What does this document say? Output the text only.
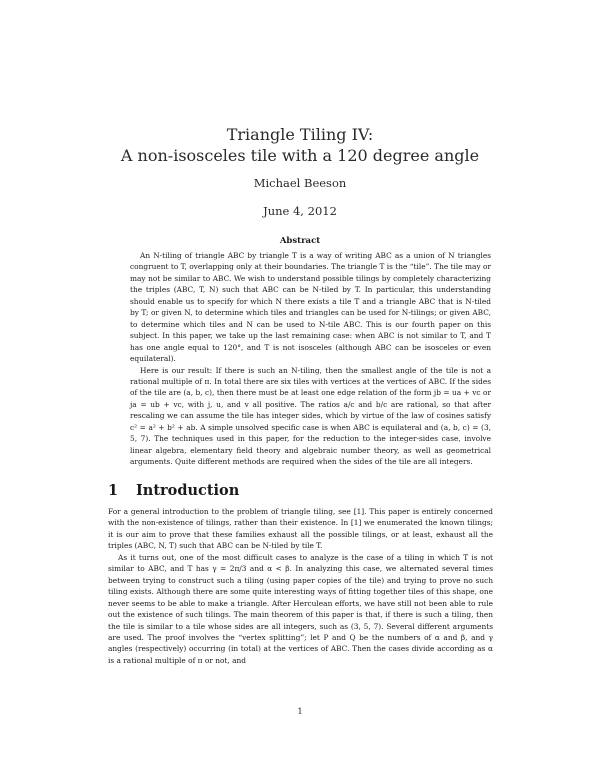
Triangle Tiling IV:
A non-isosceles tile with a 120 degree angle
Michael Beeson
June 4, 2012
Abstract

An N-tiling of triangle ABC by triangle T is a way of writing ABC as a union of N triangles congruent to T, overlapping only at their boundaries. The triangle T is the “tile”. The tile may or may not be similar to ABC. We wish to understand possible tilings by completely characterizing the triples (ABC, T, N) such that ABC can be N-tiled by T. In particular, this understanding should enable us to specify for which N there exists a tile T and a triangle ABC that is N-tiled by T; or given N, to determine which tiles and triangles can be used for N-tilings; or given ABC, to determine which tiles and N can be used to N-tile ABC. This is our fourth paper on this subject. In this paper, we take up the last remaining case: when ABC is not similar to T, and T has one angle equal to 120°, and T is not isosceles (although ABC can be isosceles or even equilateral).

Here is our result: If there is such an N-tiling, then the smallest angle of the tile is not a rational multiple of π. In total there are six tiles with vertices at the vertices of ABC. If the sides of the tile are (a, b, c), then there must be at least one edge relation of the form jb = ua + vc or ja = ub + vc, with j, u, and v all positive. The ratios a/c and b/c are rational, so that after rescaling we can assume the tile has integer sides, which by virtue of the law of cosines satisfy c² = a² + b² + ab. A simple unsolved specific case is when ABC is equilateral and (a, b, c) = (3, 5, 7). The techniques used in this paper, for the reduction to the integer-sides case, involve linear algebra, elementary field theory and algebraic number theory, as well as geometrical arguments. Quite different methods are required when the sides of the tile are all integers.

1 Introduction

For a general introduction to the problem of triangle tiling, see [1]. This paper is entirely concerned with the non-existence of tilings, rather than their existence. In [1] we enumerated the known tilings; it is our aim to prove that these families exhaust all the possible tilings, or at least, exhaust all the triples (ABC, N, T) such that ABC can be N-tiled by tile T.

As it turns out, one of the most difficult cases to analyze is the case of a tiling in which T is not similar to ABC, and T has γ = 2π/3 and α < β. In analyzing this case, we alternated several times between trying to construct such a tiling (using paper copies of the tile) and trying to prove no such tiling exists. Although there are some quite interesting ways of fitting together tiles of this shape, one never seems to be able to make a triangle. After Herculean efforts, we have still not been able to rule out the existence of such tilings. The main theorem of this paper is that, if there is such a tiling, then the tile is similar to a tile whose sides are all integers, such as (3, 5, 7). Several different arguments are used. The proof involves the “vertex splitting”; let P and Q be the numbers of α and β, and γ angles (respectively) occurring (in total) at the vertices of ABC. Then the cases divide according as α is a rational multiple of π or not, and

1
